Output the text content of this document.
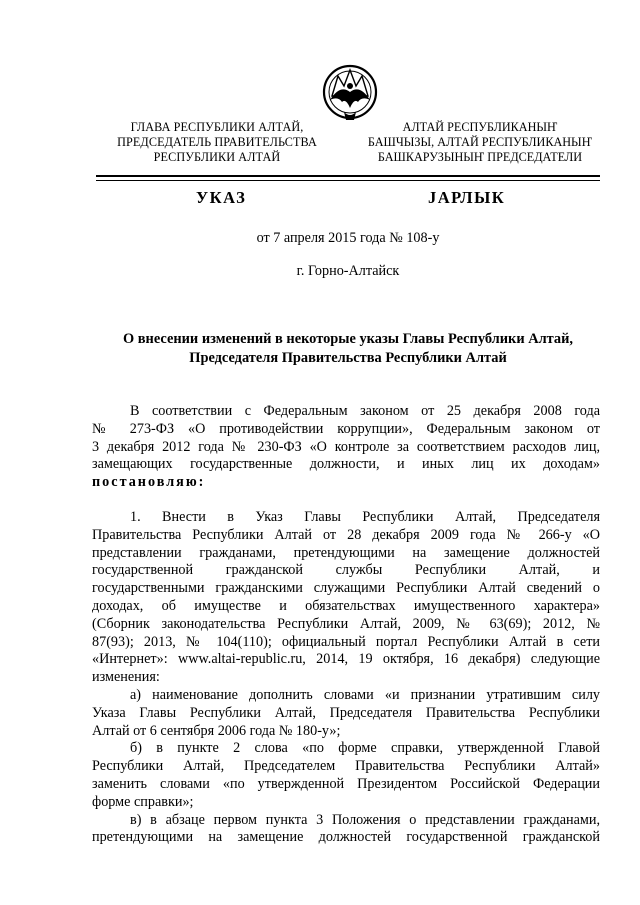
ГЛАВА РЕСПУБЛИКИ АЛТАЙ,
ПРЕДСЕДАТЕЛЬ ПРАВИТЕЛЬСТВА
РЕСПУБЛИКИ АЛТАЙ
АЛТАЙ РЕСПУБЛИКАНЫҤ
БАШЧЫЗЫ, АЛТАЙ РЕСПУБЛИКАНЫҤ
БАШКАРУЗЫНЫҤ ПРЕДСЕДАТЕЛИ
УКАЗ	JАРЛЫК
от 7 апреля 2015 года № 108-у
г. Горно-Алтайск
О внесении изменений в некоторые указы Главы Республики Алтай,
Председателя Правительства Республики Алтай

В соответствии с Федеральным законом от 25 декабря 2008 года

№ 273-ФЗ «О противодействии коррупции», Федеральным законом от

3 декабря 2012 года № 230-ФЗ «О контроле за соответствием расходов лиц,

замещающих государственные должности, и иных лиц их доходам»

постановляю:

1. Внести в Указ Главы Республики Алтай, Председателя

Правительства Республики Алтай от 28 декабря 2009 года № 266-у «О

представлении гражданами, претендующими на замещение должностей

государственной гражданской службы Республики Алтай, и

государственными гражданскими служащими Республики Алтай сведений о

доходах, об имуществе и обязательствах имущественного характера»

(Сборник законодательства Республики Алтай, 2009, № 63(69); 2012, №

87(93); 2013, № 104(110); официальный портал Республики Алтай в сети

«Интернет»: www.altai-republic.ru, 2014, 19 октября, 16 декабря) следующие

изменения:

а) наименование дополнить словами «и признании утратившим силу

Указа Главы Республики Алтай, Председателя Правительства Республики

Алтай от 6 сентября 2006 года № 180-у»;

б) в пункте 2 слова «по форме справки, утвержденной Главой

Республики Алтай, Председателем Правительства Республики Алтай»

заменить словами «по утвержденной Президентом Российской Федерации

форме справки»;

в) в абзаце первом пункта 3 Положения о представлении гражданами,

претендующими на замещение должностей государственной гражданской
